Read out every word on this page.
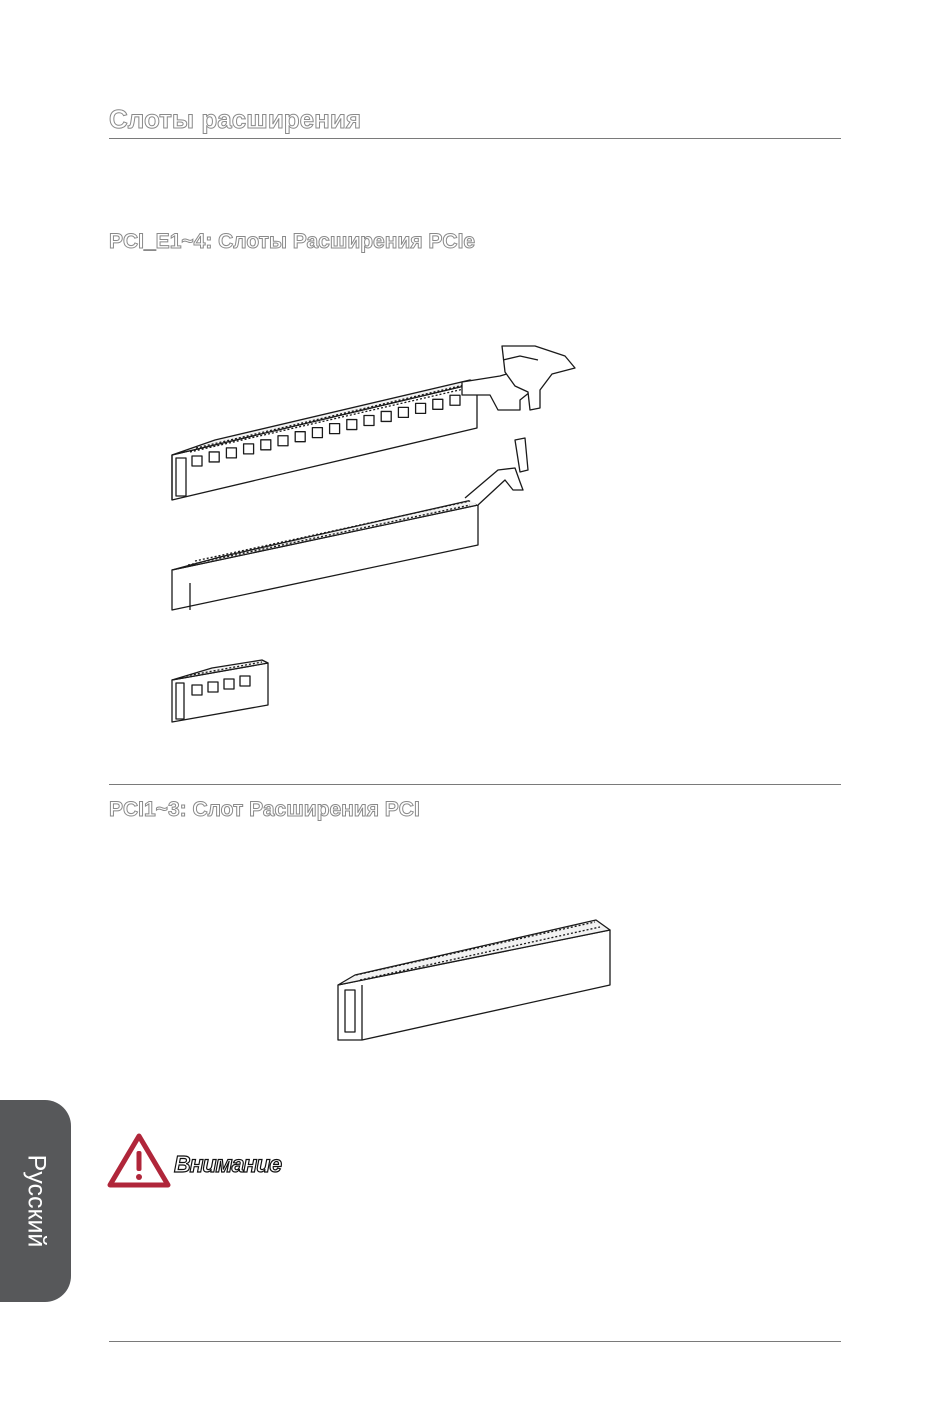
Слоты расширения
PCI_E1~4: Слоты Расширения PCIe
PCI1~3: Слот Расширения PCI

Внимание

Русский
